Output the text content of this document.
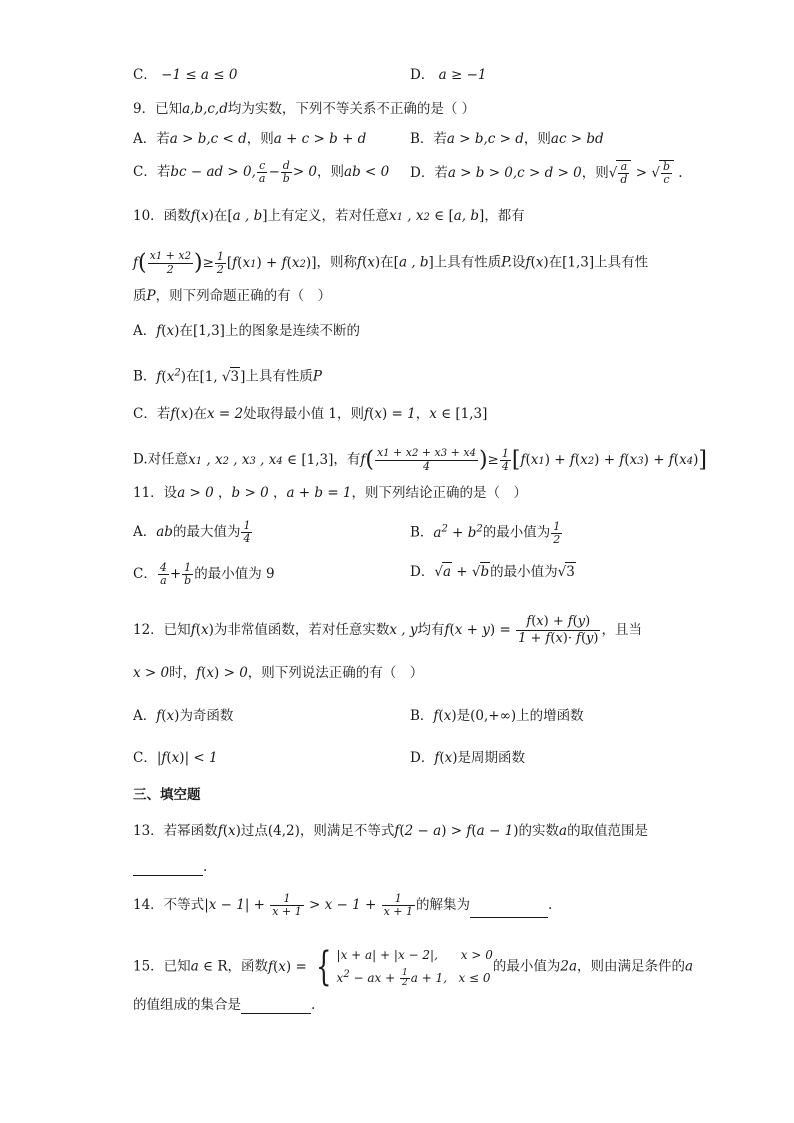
C． −1 ≤ a ≤ 0	D． a ≥ −1
9．已知a,b,c,d均为实数，下列不等关系不正确的是（ ）
A．若a > b,c < d，则a + c > b + d	B．若a > b,c > d，则ac > bd
C．若bc − ad > 0, $\frac{c}{a} - \frac{d}{b} > 0$，则ab < 0 D．若a > b > 0,c > d > 0，则√ $\frac{a}{d}$ > √ $\frac{b}{c}$ .
10．函数f(x)在[a , b]上有定义，若对任意x1 , x2 ∈ [a, b]，都有
$f( \frac{x1 + x2}{2}$ )≥ $\frac{1}{2} [f(x1) + f(x2)]$，则称f(x)在[a , b]上具有性质P.设f(x)在[1,3]上具有性
质P，则下列命题正确的有（　）
A．f(x)在[1,3]上的图象是连续不断的
B．$f(x^2)$在[1, √3]上具有性质P
C．若f(x)在x = 2处取得最小值 1，则f(x) = 1，x ∈ [1,3]
D.对任意x1 , x2 , x3 , x4 ∈ [1,3]，有$f( \frac{x1 + x2 + x3 + x4}{4}$ )≥ $\frac{1}{4} [f(x1) + f(x2) + f(x3) + f(x4)]$
11．设a > 0 ，b > 0 ，a + b = 1，则下列结论正确的是（　）
A．ab的最大值为 $\frac{1}{4}$	B．$a^2 + b^2$的最小值为 $\frac{1}{2}$
C． $\frac{4}{a} + \frac{1}{b}$ 的最小值为 9	D．√a + √b的最小值为√3
12．已知f(x)为非常值函数，若对任意实数x , y均有$f(x + y) = \frac{f(x) + f(y)}{1 + f(x)\cdot f(y)}$ ，且当
x > 0时，f(x) > 0，则下列说法正确的有（　）
A．f(x)为奇函数	B．f(x)是(0,+∞)上的增函数
C．|f(x)| < 1	D．f(x)是周期函数
三、填空题
13．若幂函数f(x)过点(4,2)，则满足不等式f(2 − a) > f(a − 1)的实数a的取值范围是
.
14．不等式$|x - 1| + \frac{1}{x + 1} > x - 1 + \frac{1}{x + 1}$ 的解集为	.
15．已知a ∈ R，函数f(x) = { |x + a| + |x − 2|,      x > 0
$x^2$ − ax + $\frac{1}{2}$ a + 1,   x ≤ 0
的最小值为2a，则由满足条件的a
的值组成的集合是	.
